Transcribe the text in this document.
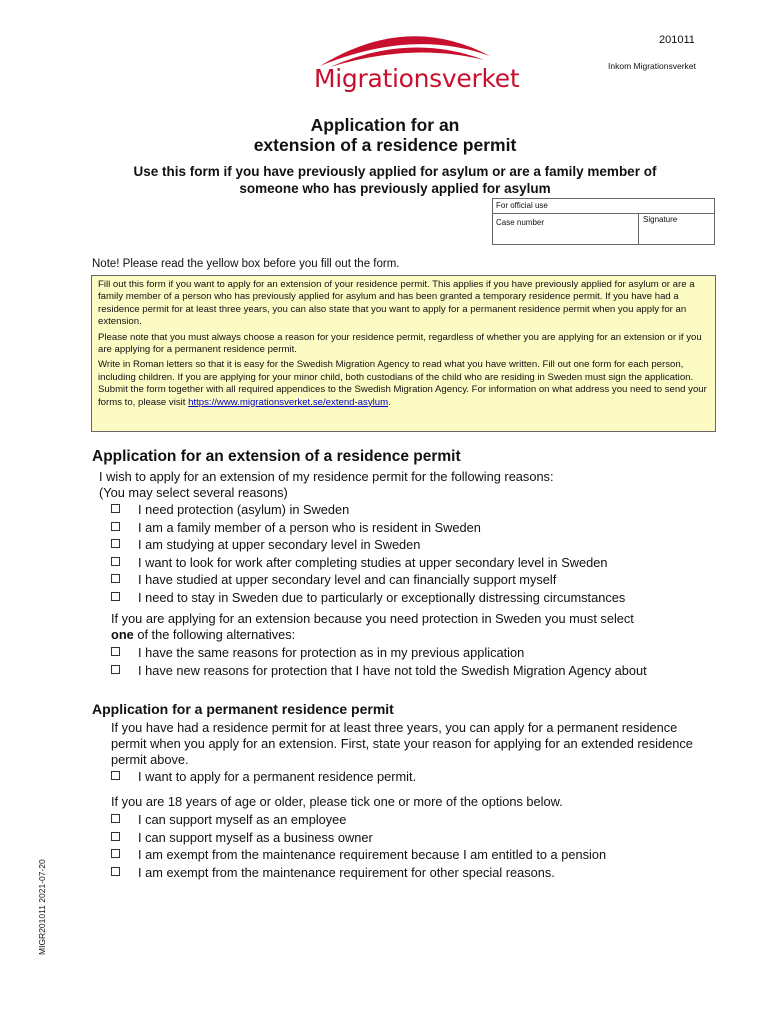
201011
Inkom Migrationsverket
Migrationsverket
Application for an
extension of a residence permit
Use this form if you have previously applied for asylum or are a family member of
someone who has previously applied for asylum
For official use
Case number	Signature
Note! Please read the yellow box before you fill out the form.

Fill out this form if you want to apply for an extension of your residence permit. This applies if you have previously applied for asylum or are a family member of a person who has previously applied for asylum and has been granted a temporary residence permit. If you have had a residence permit for at least three years, you can also state that you want to apply for a permanent residence permit when you apply for an extension.

Please note that you must always choose a reason for your residence permit, regardless of whether you are applying for an extension or if you are applying for a permanent residence permit.

Write in Roman letters so that it is easy for the Swedish Migration Agency to read what you have written. Fill out one form for each person, including children. If you are applying for your minor child, both custodians of the child who are residing in Sweden must sign the application. Submit the form together with all required appendices to the Swedish Migration Agency. For information on what address you need to send your forms to, please visit https://www.migrationsverket.se/extend-asylum.

Application for an extension of a residence permit
I wish to apply for an extension of my residence permit for the following reasons:
(You may select several reasons)
I need protection (asylum) in Sweden
I am a family member of a person who is resident in Sweden
I am studying at upper secondary level in Sweden
I want to look for work after completing studies at upper secondary level in Sweden
I have studied at upper secondary level and can financially support myself
I need to stay in Sweden due to particularly or exceptionally distressing circumstances
If you are applying for an extension because you need protection in Sweden you must select
one of the following alternatives:
I have the same reasons for protection as in my previous application
I have new reasons for protection that I have not told the Swedish Migration Agency about
Application for a permanent residence permit
If you have had a residence permit for at least three years, you can apply for a permanent residence permit when you apply for an extension. First, state your reason for applying for an extended residence permit above.
I want to apply for a permanent residence permit.
If you are 18 years of age or older, please tick one or more of the options below.
I can support myself as an employee
I can support myself as a business owner
I am exempt from the maintenance requirement because I am entitled to a pension
I am exempt from the maintenance requirement for other special reasons.
MIGR201011 2021-07-20
